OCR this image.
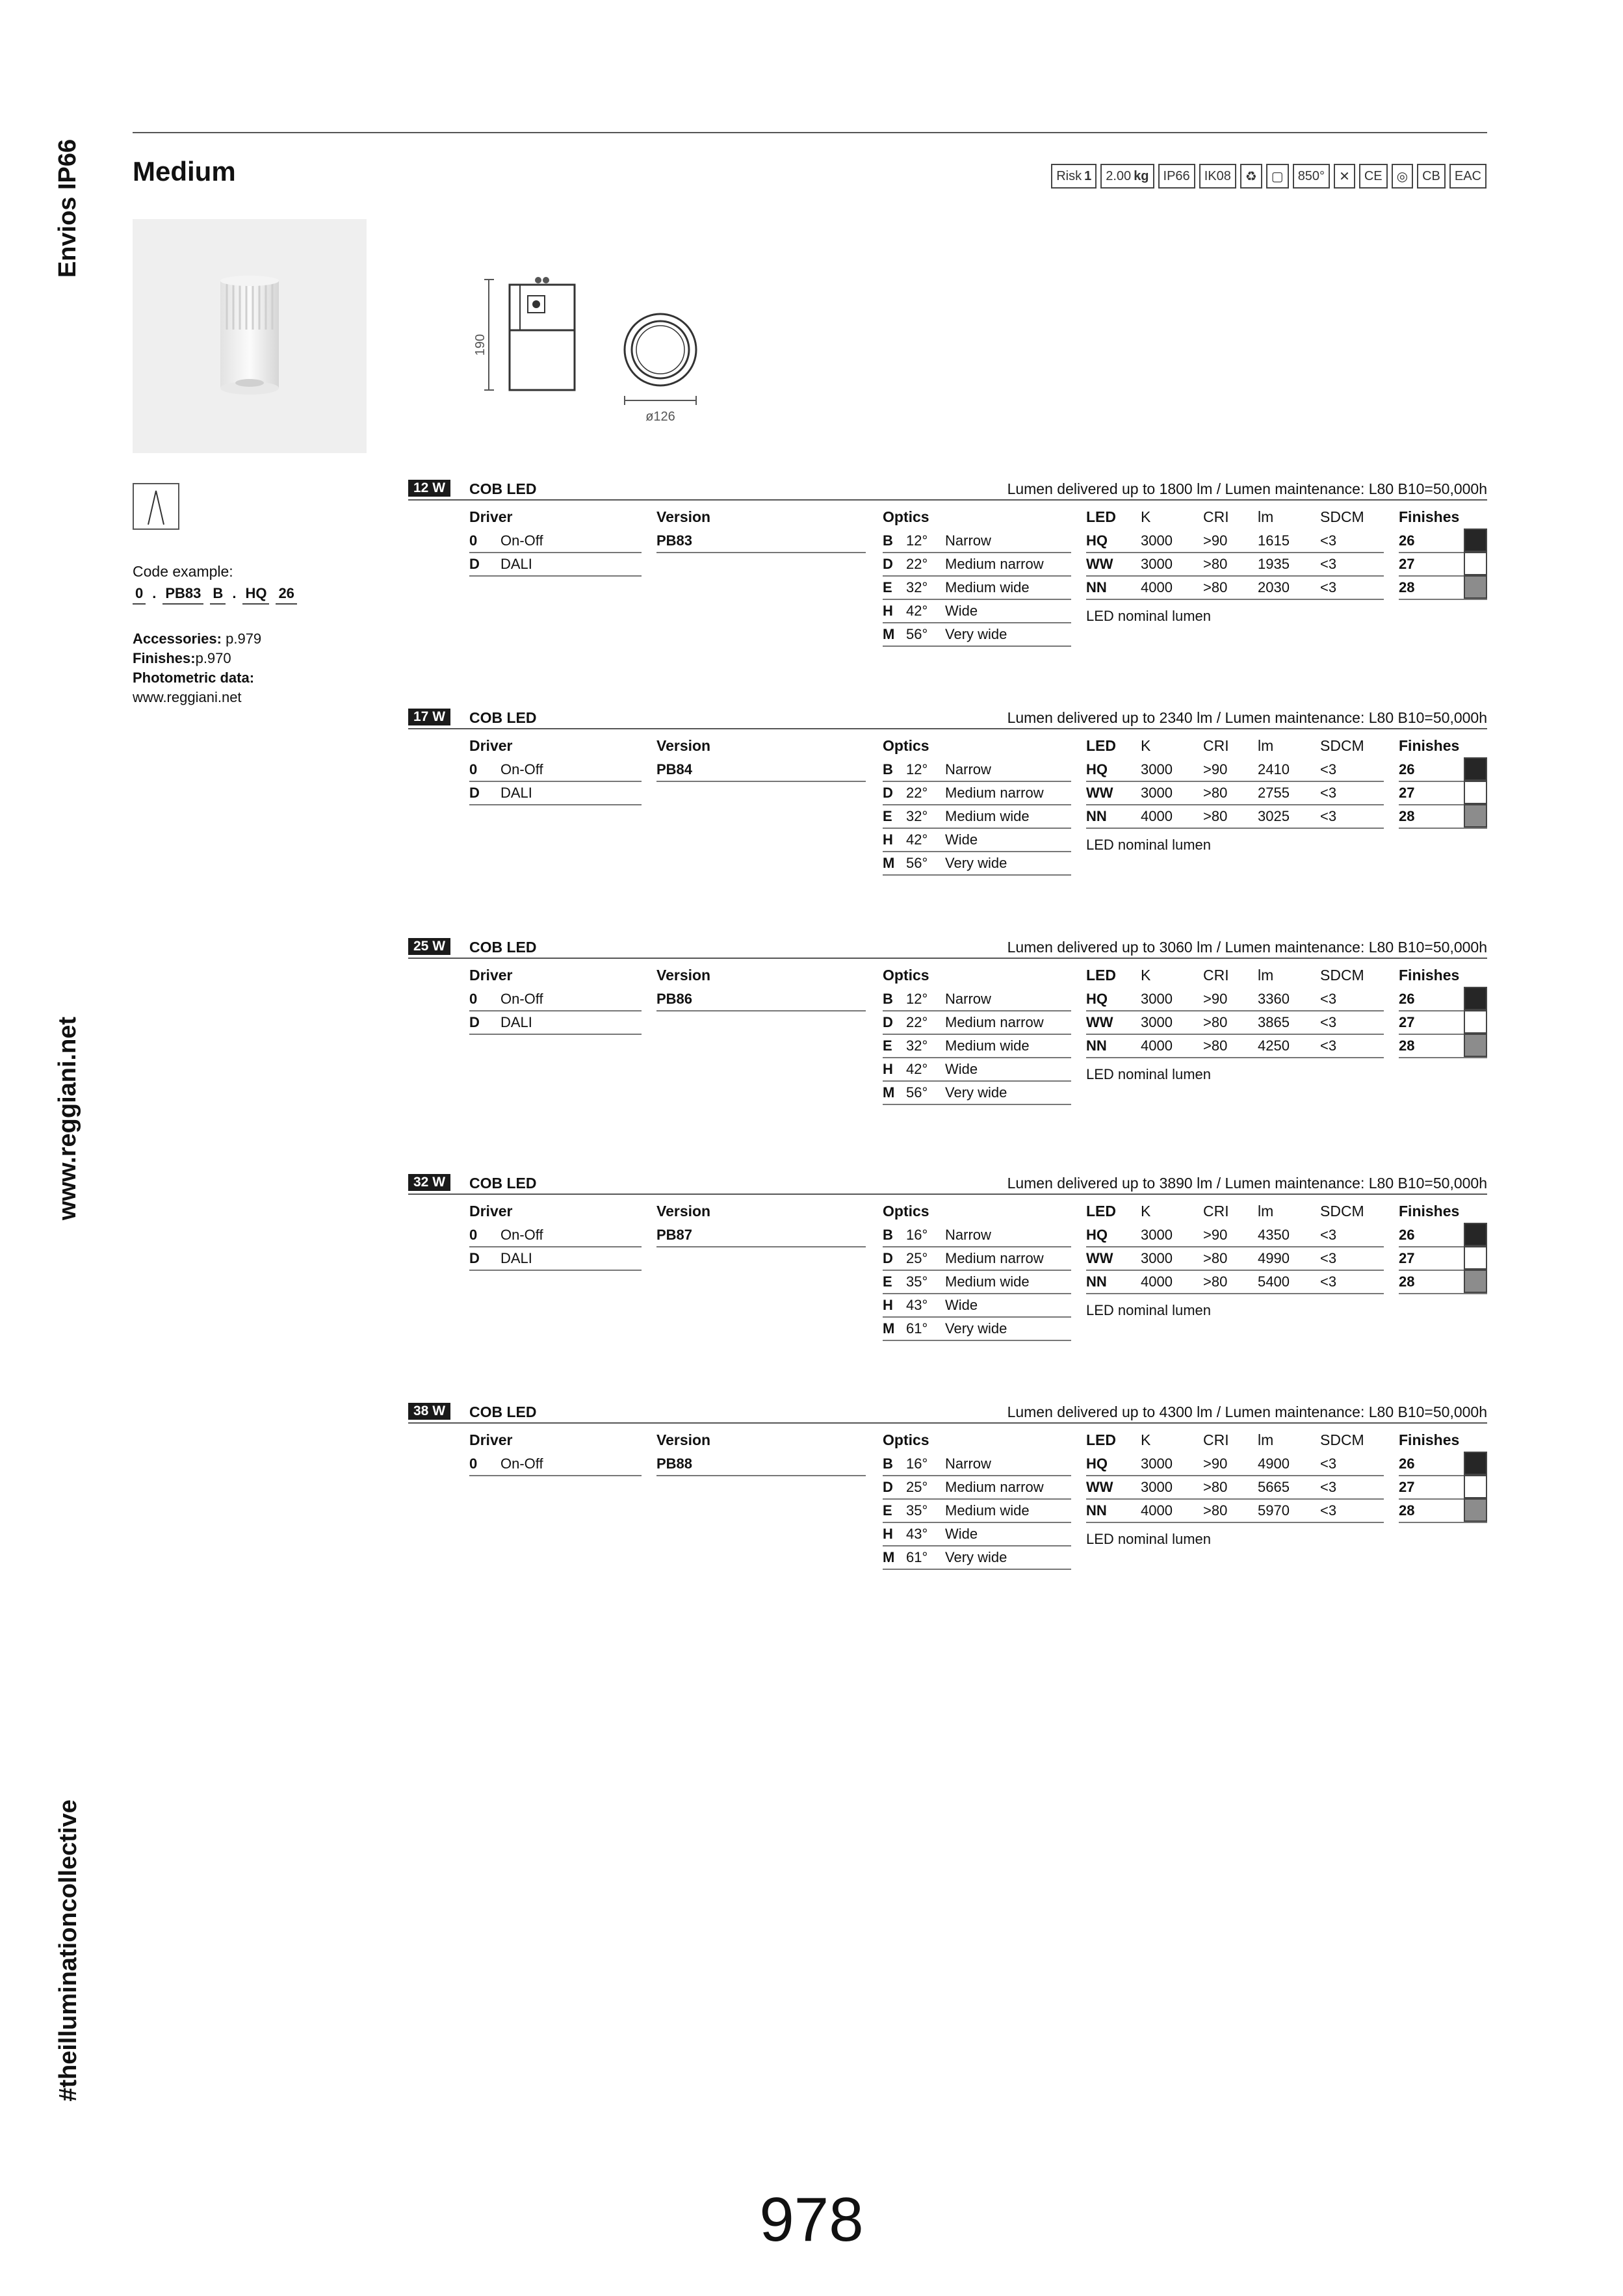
Envios IP66
www.reggiani.net
#theilluminationcollective
Medium	Risk 1 2.00 kg IP66 IK08 ♻ ▢ 850° ✕ CE ◎ CB EAC
190
ø126
Code example:
0 . PB83 B . HQ 26
Accessories: p.979
Finishes:p.970
Photometric data:
www.reggiani.net
12 W	COB LED	Lumen delivered up to 1800 lm / Lumen maintenance: L80 B10=50,000h
Driver
0	On-Off
D	DALI
Version
PB83
Optics
B 12°	Narrow
D 22°	Medium narrow
E 32°	Medium wide
H 42°	Wide
M 56°	Very wide
LED	K	CRI	lm	SDCM
HQ	3000	>90	1615	<3
WW	3000	>80	1935	<3
NN	4000	>80	2030	<3
LED nominal lumen
Finishes
26
27
28
17 W	COB LED	Lumen delivered up to 2340 lm / Lumen maintenance: L80 B10=50,000h
Driver
0	On-Off
D	DALI
Version
PB84
Optics
B 12°	Narrow
D 22°	Medium narrow
E 32°	Medium wide
H 42°	Wide
M 56°	Very wide
LED	K	CRI	lm	SDCM
HQ	3000	>90	2410	<3
WW	3000	>80	2755	<3
NN	4000	>80	3025	<3
LED nominal lumen
Finishes
26
27
28
25 W	COB LED	Lumen delivered up to 3060 lm / Lumen maintenance: L80 B10=50,000h
Driver
0	On-Off
D	DALI
Version
PB86
Optics
B 12°	Narrow
D 22°	Medium narrow
E 32°	Medium wide
H 42°	Wide
M 56°	Very wide
LED	K	CRI	lm	SDCM
HQ	3000	>90	3360	<3
WW	3000	>80	3865	<3
NN	4000	>80	4250	<3
LED nominal lumen
Finishes
26
27
28
32 W	COB LED	Lumen delivered up to 3890 lm / Lumen maintenance: L80 B10=50,000h
Driver
0	On-Off
D	DALI
Version
PB87
Optics
B 16°	Narrow
D 25°	Medium narrow
E 35°	Medium wide
H 43°	Wide
M 61°	Very wide
LED	K	CRI	lm	SDCM
HQ	3000	>90	4350	<3
WW	3000	>80	4990	<3
NN	4000	>80	5400	<3
LED nominal lumen
Finishes
26
27
28
38 W	COB LED	Lumen delivered up to 4300 lm / Lumen maintenance: L80 B10=50,000h
Driver
0	On-Off
Version
PB88
Optics
B 16°	Narrow
D 25°	Medium narrow
E 35°	Medium wide
H 43°	Wide
M 61°	Very wide
LED	K	CRI	lm	SDCM
HQ	3000	>90	4900	<3
WW	3000	>80	5665	<3
NN	4000	>80	5970	<3
LED nominal lumen
Finishes
26
27
28
978
